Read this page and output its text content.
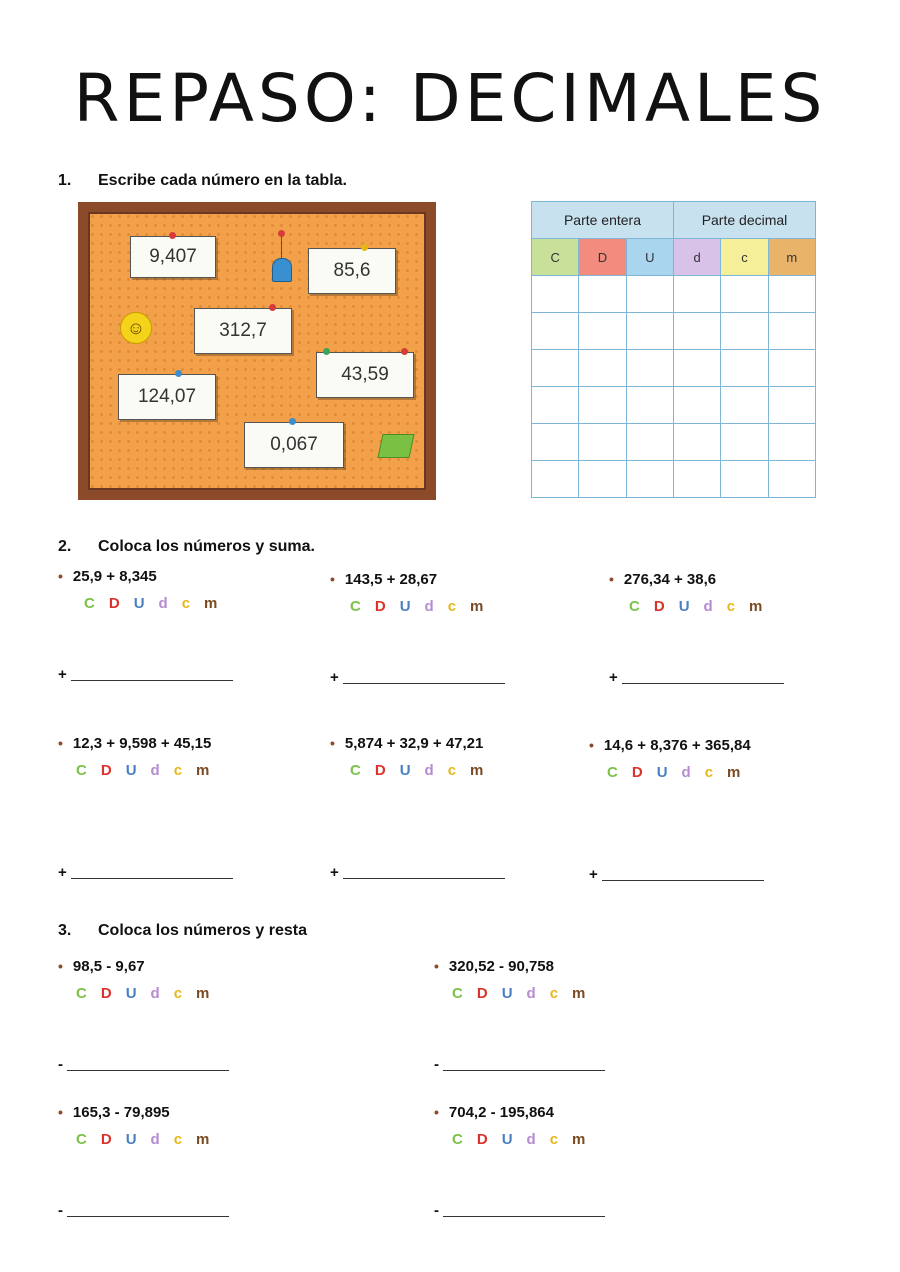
REPASO: DECIMALES
1. Escribe cada número en la tabla.
9,407
85,6
312,7
43,59
124,07
0,067
☺
Parte entera			Parte decimal		
C	D	U	d	c	m

2. Coloca los números y suma.
3. Coloca los números y resta
• 25,9 + 8,345
C D U d c m
+
• 143,5 + 28,67
C D U d c m
+
• 276,34 + 38,6
C D U d c m
+
• 12,3 + 9,598 + 45,15
C D U d c m
+
• 5,874 + 32,9 + 47,21
C D U d c m
+
• 14,6 + 8,376 + 365,84
C D U d c m
+
• 98,5 - 9,67
C D U d c m
-
• 320,52 - 90,758
C D U d c m
-
• 165,3 - 79,895
C D U d c m
-
• 704,2 - 195,864
C D U d c m
-
